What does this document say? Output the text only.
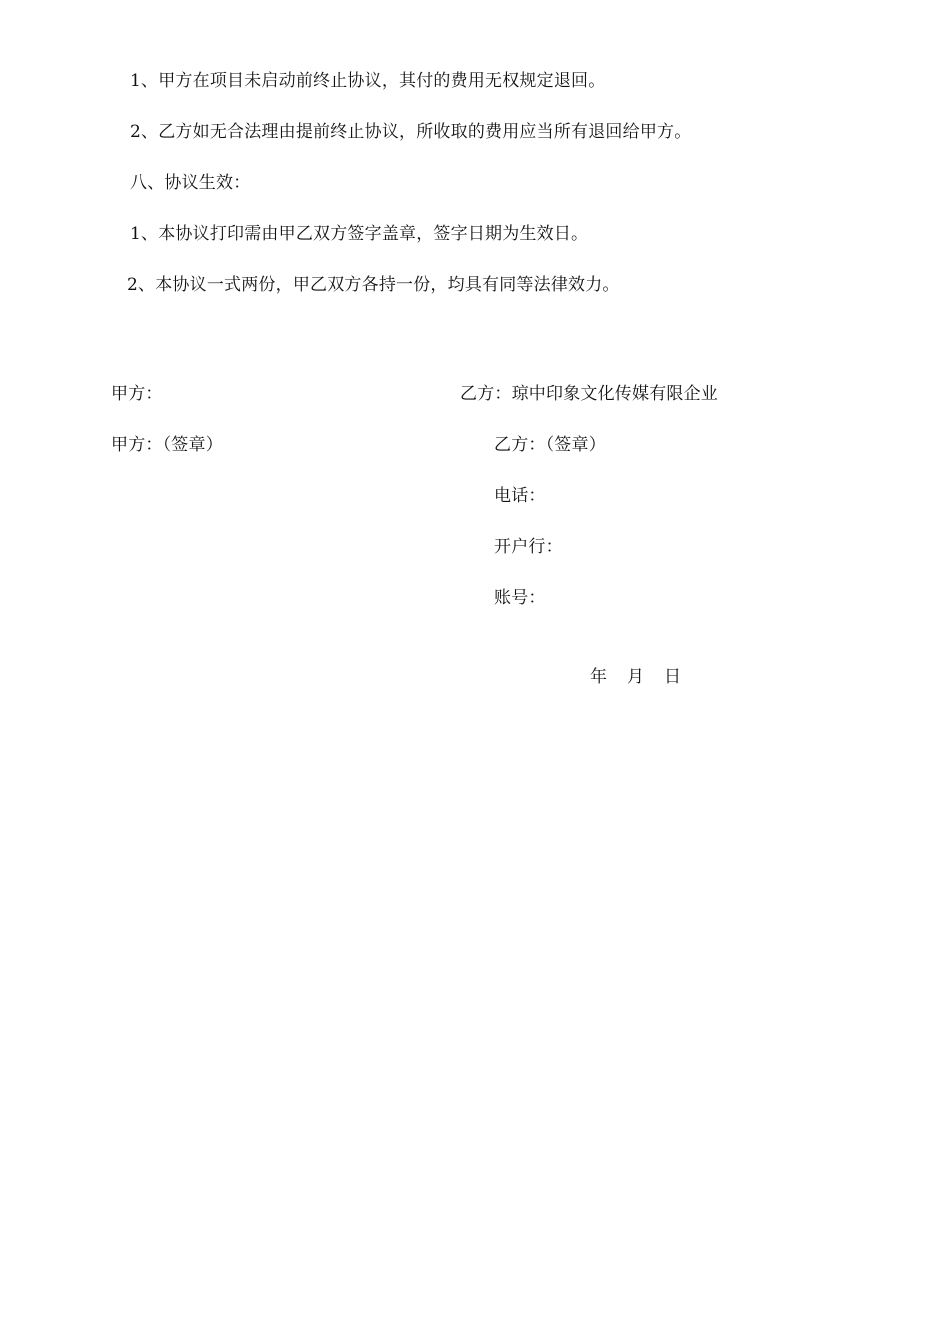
1、甲方在项目未启动前终止协议，其付的费用无权规定退回。
2、乙方如无合法理由提前终止协议，所收取的费用应当所有退回给甲方。
八、协议生效：
1、本协议打印需由甲乙双方签字盖章，签字日期为生效日。
2、本协议一式两份，甲乙双方各持一份，均具有同等法律效力。
甲方：	乙方：琼中印象文化传媒有限企业
甲方：（签章）	乙方：（签章）
电话：
开户行：
账号：
年 月 日
